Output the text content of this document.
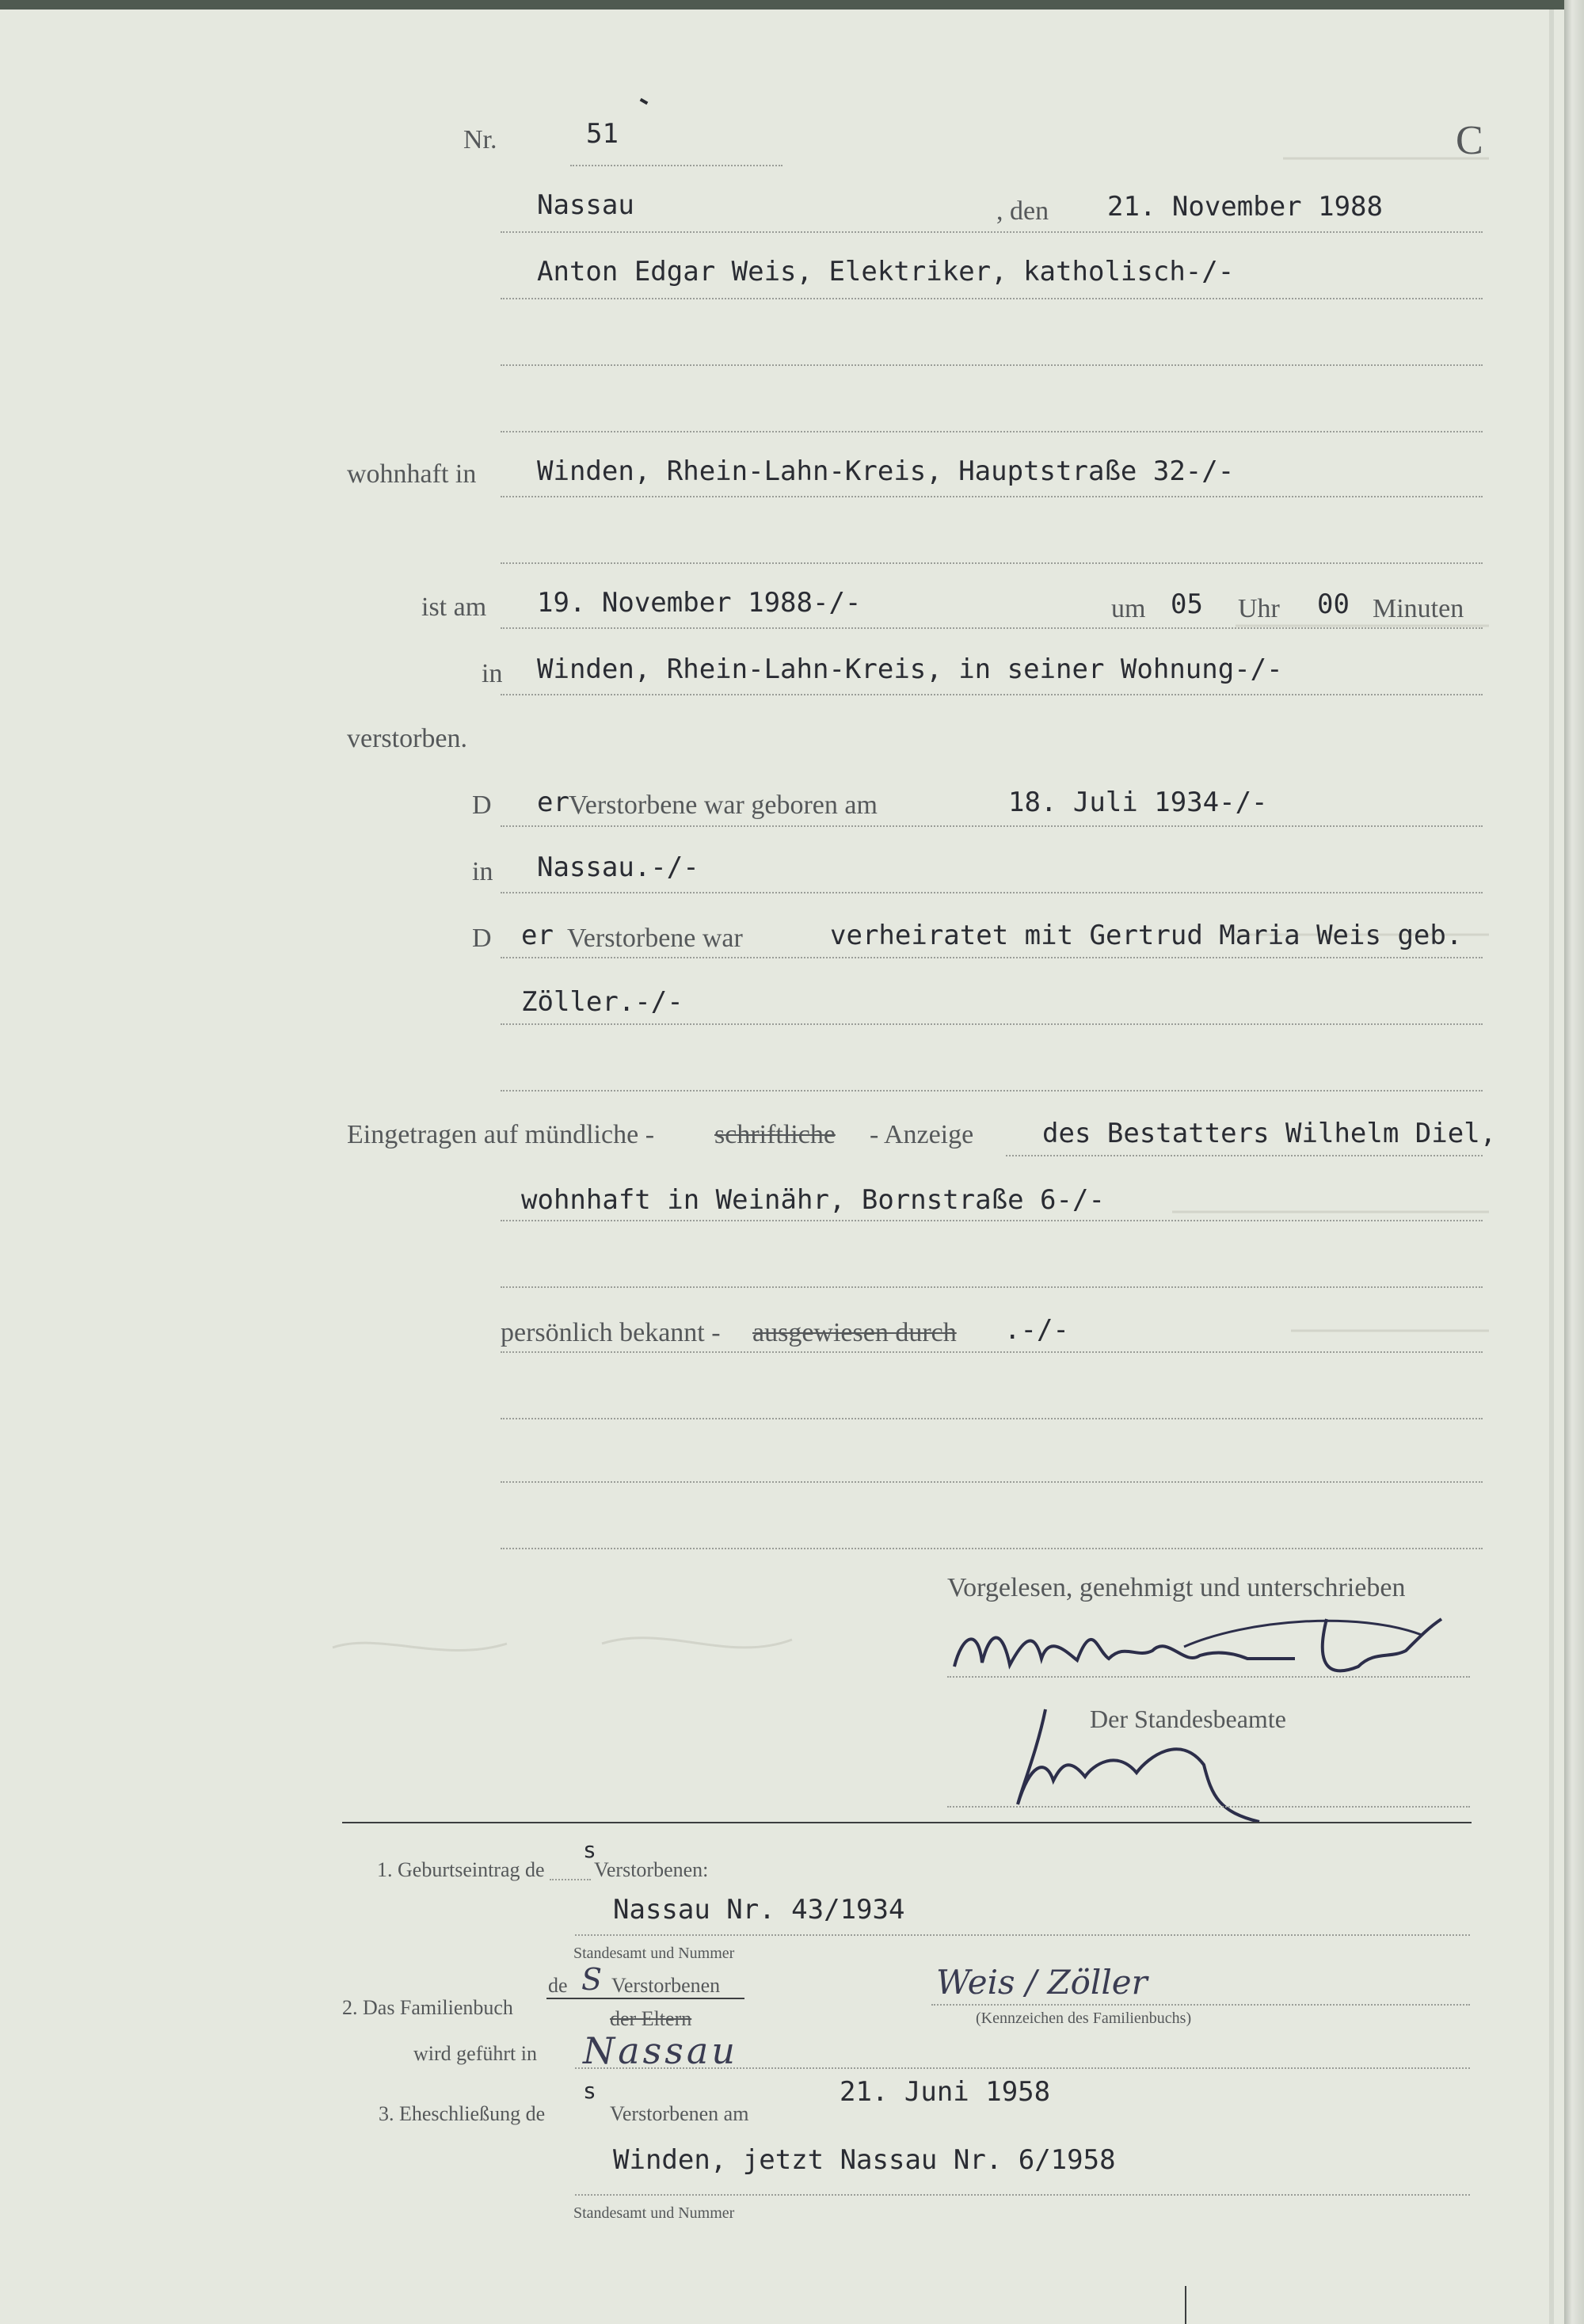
Nr.	51	C
Nassau	, den 21. November 1988
Anton Edgar Weis, Elektriker, katholisch-/-
wohnhaft in Winden, Rhein-Lahn-Kreis, Hauptstraße 32-/-
ist am 19. November 1988-/-	um 05 Uhr 00 Minuten
in Winden, Rhein-Lahn-Kreis, in seiner Wohnung-/-
verstorben.
D er Verstorbene war geboren am	18. Juli 1934-/-
in Nassau.-/-
D er Verstorbene war	verheiratet mit Gertrud Maria Weis geb.
Zöller.-/-
Eingetragen auf mündliche - schriftliche - Anzeige	des Bestatters Wilhelm Diel,
wohnhaft in Weinähr, Bornstraße 6-/-
persönlich bekannt - ausgewiesen durch .-/-
Vorgelesen, genehmigt und unterschrieben
Der Standesbeamte
1. Geburtseintrag de
s
Verstorbenen:
Nassau Nr. 43/1934
Standesamt und Nummer
2. Das Familienbuch
de S Verstorbenen
der Eltern
Weis / Zöller
(Kennzeichen des Familienbuchs)
wird geführt in Nassau
3. Eheschließung de
s
Verstorbenen am
21. Juni 1958
Winden, jetzt Nassau Nr. 6/1958
Standesamt und Nummer
